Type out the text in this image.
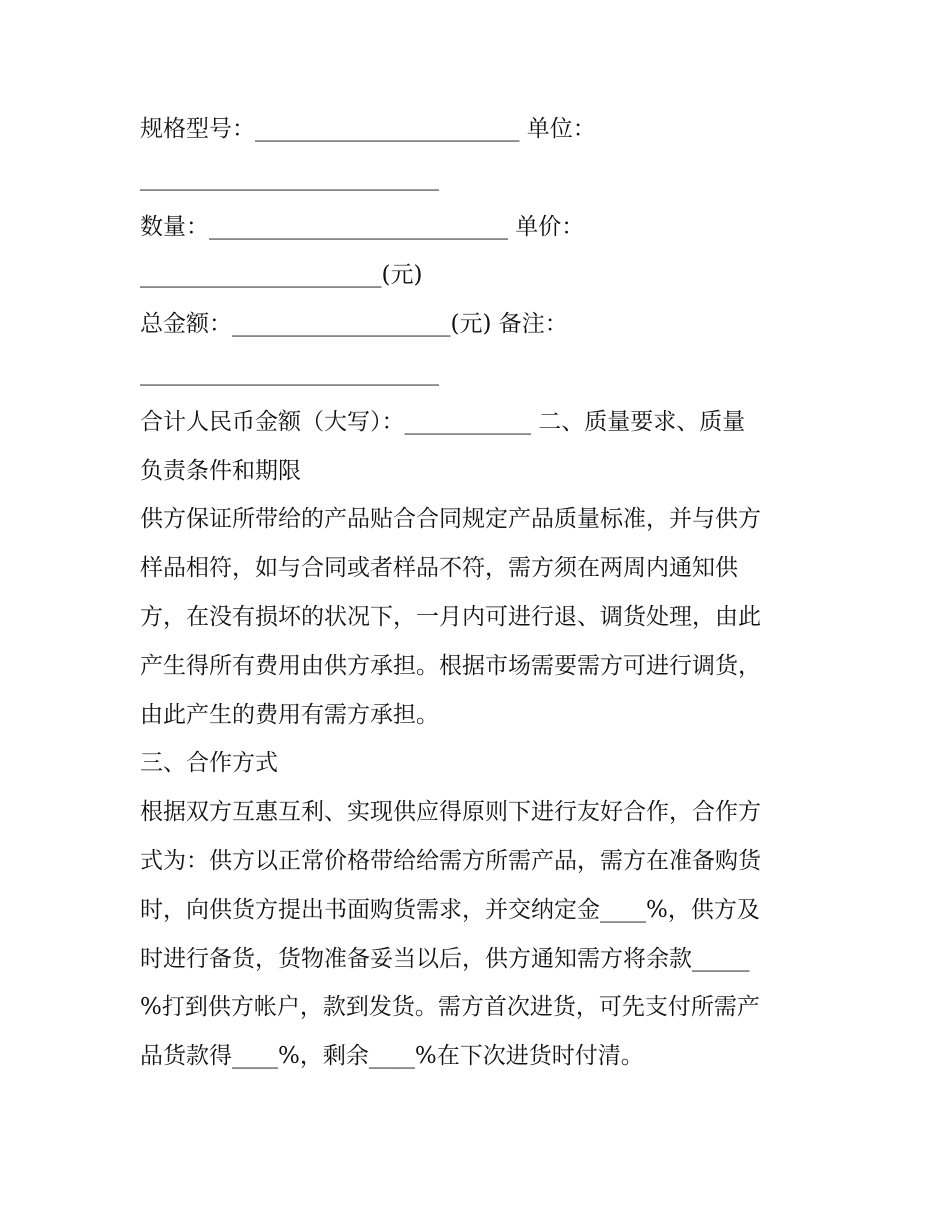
规格型号：_______________________ 单位：
__________________________
数量：__________________________ 单价：
_____________________(元)
总金额：___________________(元) 备注：
__________________________
合计人民币金额（大写）：___________ 二、质量要求、质量
负责条件和期限
供方保证所带给的产品贴合合同规定产品质量标准，并与供方
样品相符，如与合同或者样品不符，需方须在两周内通知供
方，在没有损坏的状况下，一月内可进行退、调货处理，由此
产生得所有费用由供方承担。根据市场需要需方可进行调货，
由此产生的费用有需方承担。
三、合作方式
根据双方互惠互利、实现供应得原则下进行友好合作，合作方
式为：供方以正常价格带给给需方所需产品，需方在准备购货
时，向供货方提出书面购货需求，并交纳定金____%，供方及
时进行备货，货物准备妥当以后，供方通知需方将余款_____
%打到供方帐户，款到发货。需方首次进货，可先支付所需产
品货款得____%，剩余____%在下次进货时付清。
